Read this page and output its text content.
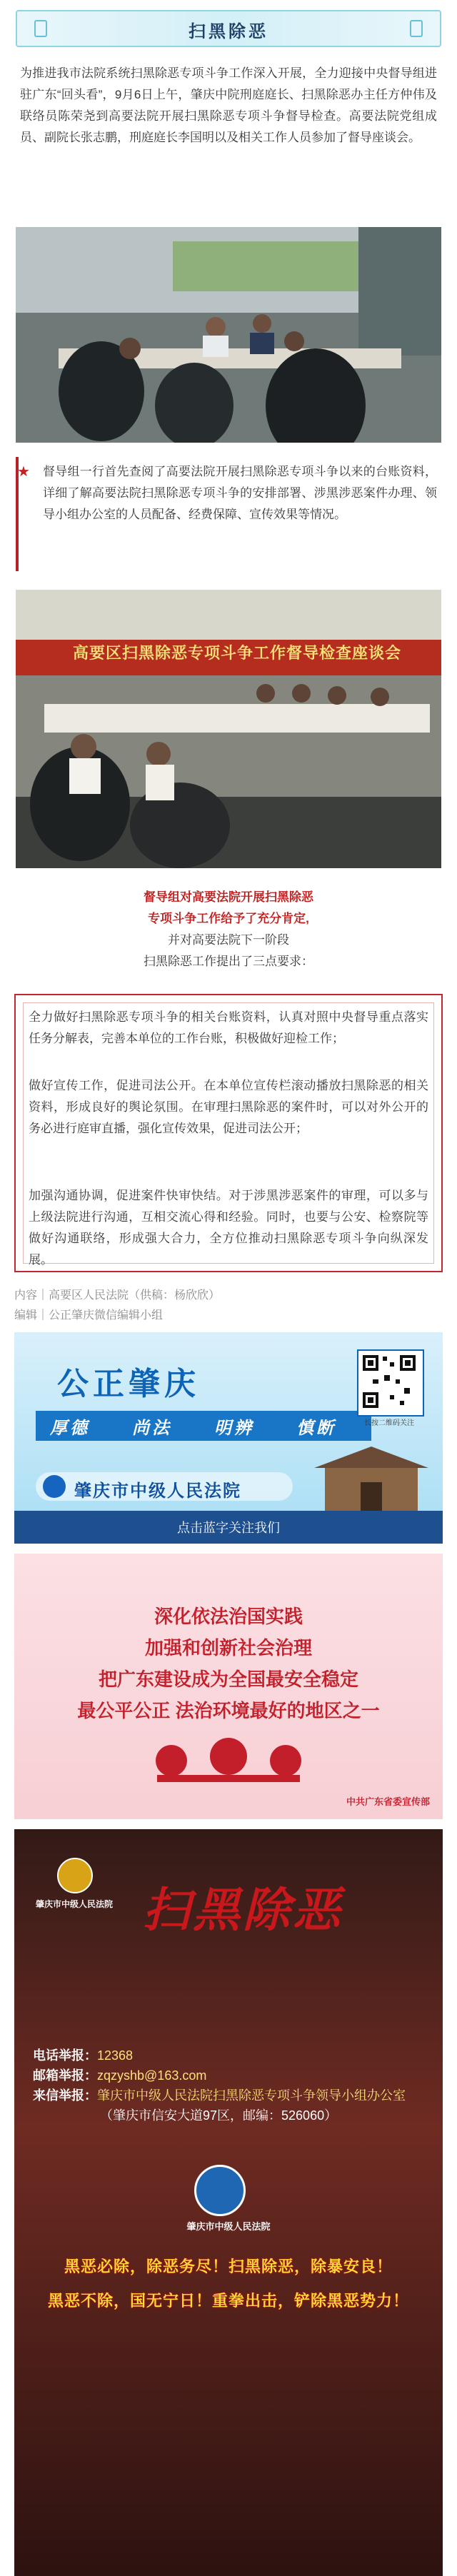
扫黑除恶
为推进我市法院系统扫黑除恶专项斗争工作深入开展，全力迎接中央督导组进驻广东“回头看”，9月6日上午，肇庆中院刑庭庭长、扫黑除恶办主任方仲伟及联络员陈荣尧到高要法院开展扫黑除恶专项斗争督导检查。高要法院党组成员、副院长张志鹏，刑庭庭长李国明以及相关工作人员参加了督导座谈会。
★ 督导组一行首先查阅了高要法院开展扫黑除恶专项斗争以来的台账资料，详细了解高要法院扫黑除恶专项斗争的安排部署、涉黑涉恶案件办理、领导小组办公室的人员配备、经费保障、宣传效果等情况。
高要区扫黑除恶专项斗争工作督导检查座谈会
督导组对高要法院开展扫黑除恶
专项斗争工作给予了充分肯定,
并对高要法院下一阶段
扫黑除恶工作提出了三点要求：
全力做好扫黑除恶专项斗争的相关台账资料，认真对照中央督导重点落实任务分解表，完善本单位的工作台账，积极做好迎检工作；
做好宣传工作，促进司法公开。在本单位宣传栏滚动播放扫黑除恶的相关资料，形成良好的舆论氛围。在审理扫黑除恶的案件时，可以对外公开的务必进行庭审直播，强化宣传效果，促进司法公开；
加强沟通协调，促进案件快审快结。对于涉黑涉恶案件的审理，可以多与上级法院进行沟通，互相交流心得和经验。同时，也要与公安、检察院等做好沟通联络，形成强大合力，全方位推动扫黑除恶专项斗争向纵深发展。
内容｜高要区人民法院（供稿：杨欣欣）
编辑｜公正肇庆微信编辑小组
公正肇庆
厚德 尚法 明辨 慎断	长按二维码关注
肇庆市中级人民法院
点击蓝字关注我们
深化依法治国实践
加强和创新社会治理
把广东建设成为全国最安全稳定
最公平公正 法治环境最好的地区之一
中共广东省委宣传部
肇庆市中级人民法院 扫黑除恶
电话举报：12368
邮箱举报：zqzyshb@163.com
来信举报：肇庆市中级人民法院扫黑除恶专项斗争领导小组办公室
（肇庆市信安大道97区，邮编：526060）
肇庆市中级人民法院
黑恶必除，除恶务尽！扫黑除恶，除暴安良！
黑恶不除，国无宁日！重拳出击，铲除黑恶势力！
